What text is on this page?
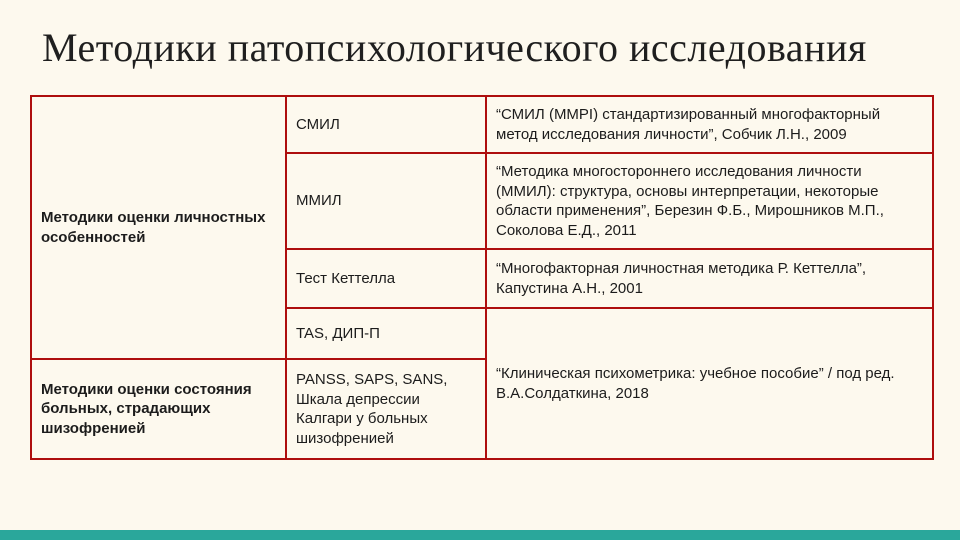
Методики патопсихологического исследования
Методики оценки личностных особенностей	СМИЛ	“СМИЛ (MMPI) стандартизированный многофакторный метод исследования личности”, Собчик Л.Н., 2009
	ММИЛ	“Методика многостороннего исследования личности (ММИЛ): структура, основы интерпретации, некоторые области применения”, Березин Ф.Б., Мирошников М.П., Соколова Е.Д., 2011
	Тест Кеттелла	“Многофакторная личностная методика Р. Кеттелла”, Капустина А.Н., 2001
	TAS, ДИП-П	“Клиническая психометрика: учебное пособие” / под ред. В.А.Солдаткина, 2018
Методики оценки состояния больных, страдающих шизофренией	PANSS, SAPS, SANS, Шкала депрессии Калгари у больных шизофренией	
